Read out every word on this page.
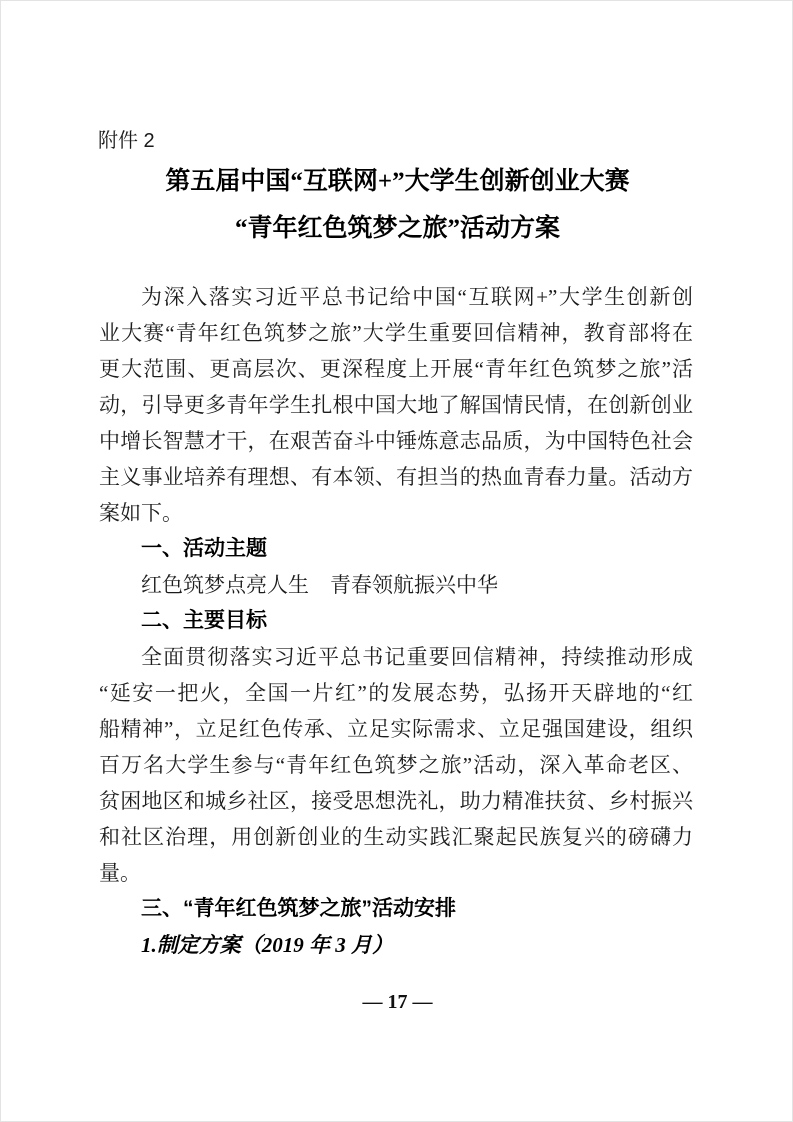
附件 2
第五届中国“互联网+”大学生创新创业大赛
“青年红色筑梦之旅”活动方案
为深入落实习近平总书记给中国“互联网+”大学生创新创
业大赛“青年红色筑梦之旅”大学生重要回信精神，教育部将在
更大范围、更高层次、更深程度上开展“青年红色筑梦之旅”活
动，引导更多青年学生扎根中国大地了解国情民情，在创新创业
中增长智慧才干，在艰苦奋斗中锤炼意志品质，为中国特色社会
主义事业培养有理想、有本领、有担当的热血青春力量。活动方
案如下。
一、活动主题
红色筑梦点亮人生　青春领航振兴中华
二、主要目标
全面贯彻落实习近平总书记重要回信精神，持续推动形成
“延安一把火，全国一片红”的发展态势，弘扬开天辟地的“红
船精神”，立足红色传承、立足实际需求、立足强国建设，组织
百万名大学生参与“青年红色筑梦之旅”活动，深入革命老区、
贫困地区和城乡社区，接受思想洗礼，助力精准扶贫、乡村振兴
和社区治理，用创新创业的生动实践汇聚起民族复兴的磅礴力
量。
三、“青年红色筑梦之旅”活动安排
1.制定方案（2019 年 3 月）
— 17 —
